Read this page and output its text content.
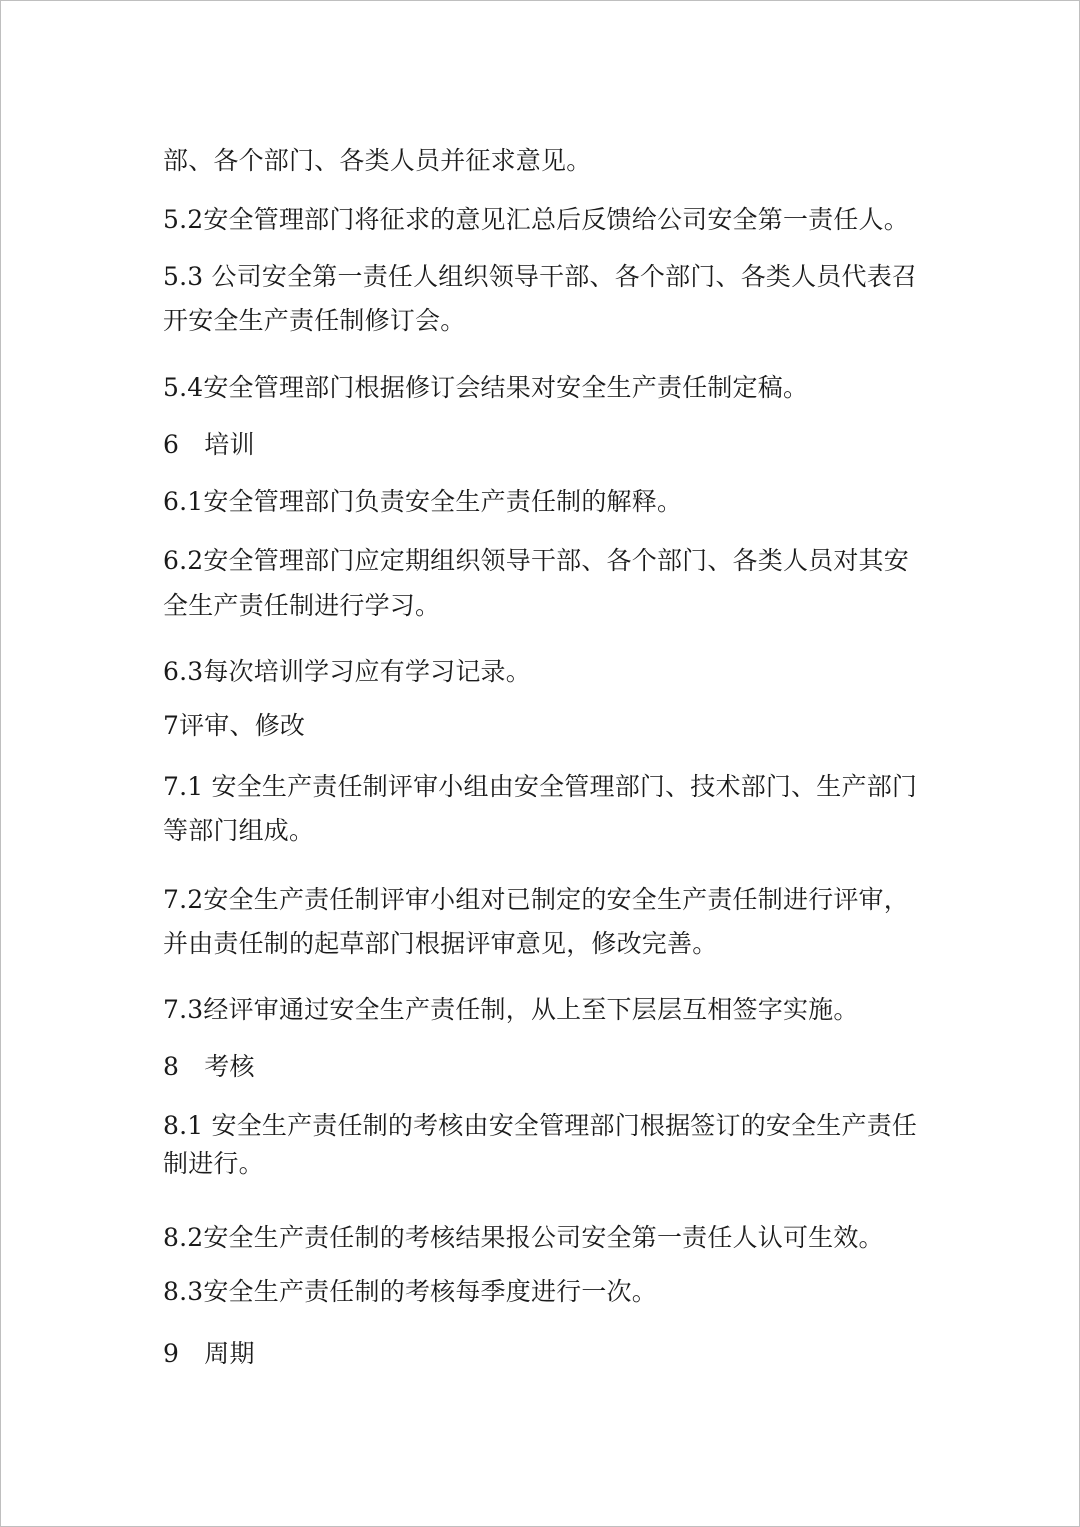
部、各个部门、各类人员并征求意见。
5.2安全管理部门将征求的意见汇总后反馈给公司安全第一责任人。
5.3 公司安全第一责任人组织领导干部、各个部门、各类人员代表召
开安全生产责任制修订会。
5.4安全管理部门根据修订会结果对安全生产责任制定稿。
6　培训
6.1安全管理部门负责安全生产责任制的解释。
6.2安全管理部门应定期组织领导干部、各个部门、各类人员对其安
全生产责任制进行学习。
6.3每次培训学习应有学习记录。
7评审、修改
7.1 安全生产责任制评审小组由安全管理部门、技术部门、生产部门
等部门组成。
7.2安全生产责任制评审小组对已制定的安全生产责任制进行评审，
并由责任制的起草部门根据评审意见，修改完善。
7.3经评审通过安全生产责任制，从上至下层层互相签字实施。
8　考核
8.1 安全生产责任制的考核由安全管理部门根据签订的安全生产责任
制进行。
8.2安全生产责任制的考核结果报公司安全第一责任人认可生效。
8.3安全生产责任制的考核每季度进行一次。
9　周期
